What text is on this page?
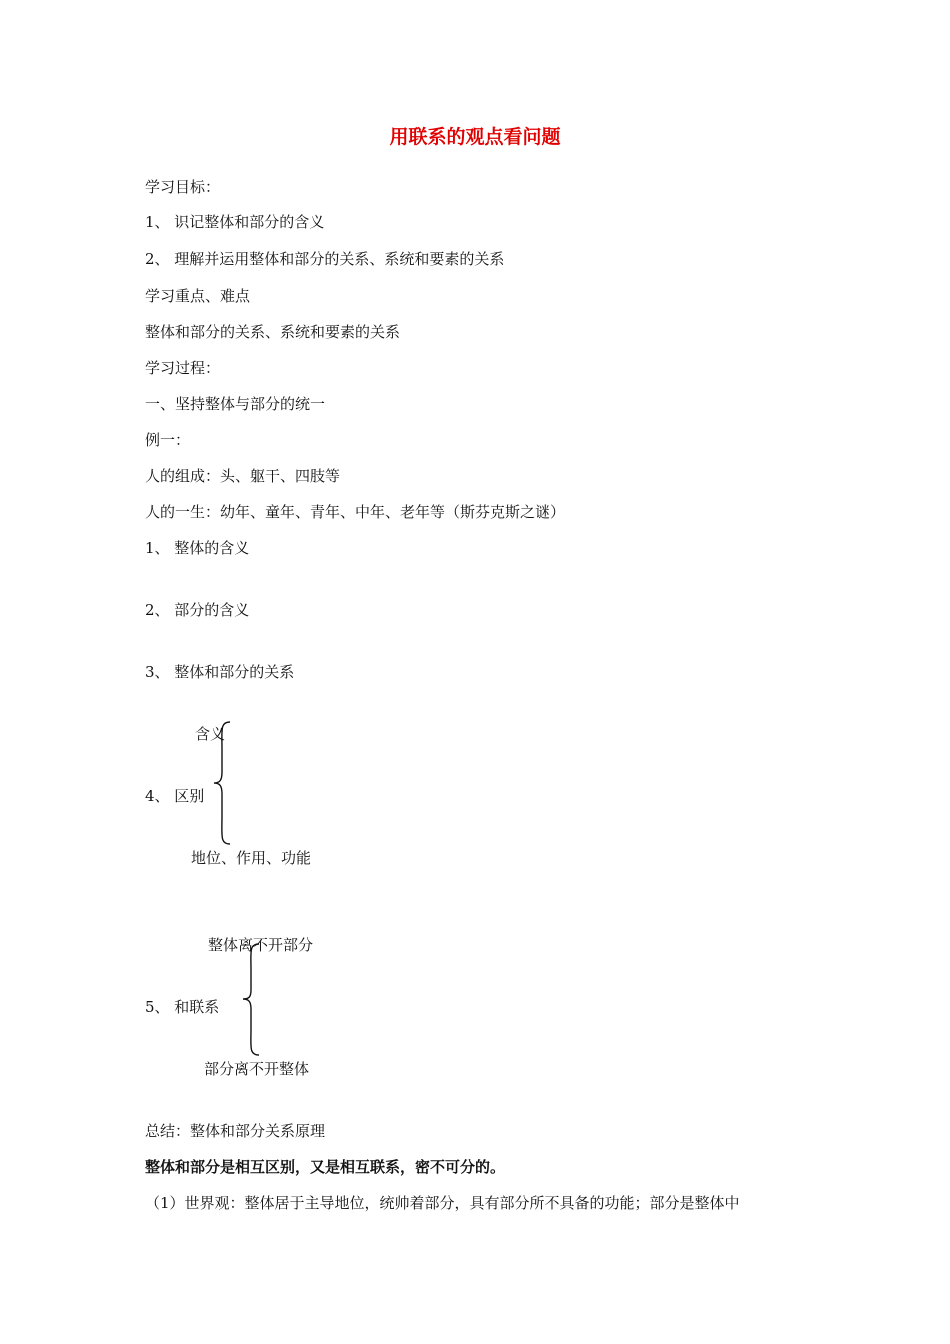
用联系的观点看问题
学习目标：
1、 识记整体和部分的含义
2、 理解并运用整体和部分的关系、系统和要素的关系
学习重点、难点
整体和部分的关系、系统和要素的关系
学习过程：
一、坚持整体与部分的统一
例一：
人的组成：头、躯干、四肢等
人的一生：幼年、童年、青年、中年、老年等（斯芬克斯之谜）
1、 整体的含义
2、 部分的含义
3、 整体和部分的关系
含义
4、 区别
地位、作用、功能
整体离不开部分
5、 和联系
部分离不开整体
总结：整体和部分关系原理
整体和部分是相互区别，又是相互联系，密不可分的。
（1）世界观：整体居于主导地位，统帅着部分，具有部分所不具备的功能；部分是整体中
